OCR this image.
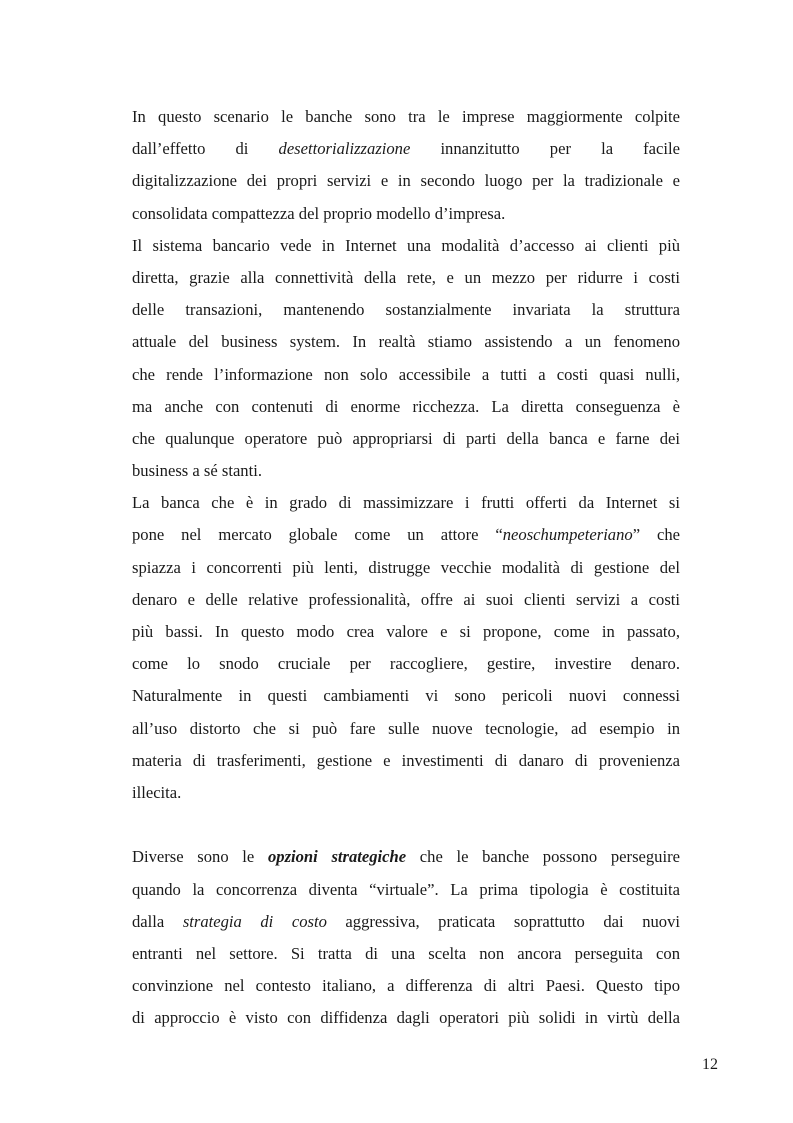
In questo scenario le banche sono tra le imprese maggiormente colpite
dall’effetto di desettorializzazione innanzitutto per la facile
digitalizzazione dei propri servizi e in secondo luogo per la tradizionale e
consolidata compattezza del proprio modello d’impresa.
Il sistema bancario vede in Internet una modalità d’accesso ai clienti più
diretta, grazie alla connettività della rete, e un mezzo per ridurre i costi
delle transazioni, mantenendo sostanzialmente invariata la struttura
attuale del business system. In realtà stiamo assistendo a un fenomeno
che rende l’informazione non solo accessibile a tutti a costi quasi nulli,
ma anche con contenuti di enorme ricchezza. La diretta conseguenza è
che qualunque operatore può appropriarsi di parti della banca e farne dei
business a sé stanti.
La banca che è in grado di massimizzare i frutti offerti da Internet si
pone nel mercato globale come un attore “neoschumpeteriano” che
spiazza i concorrenti più lenti, distrugge vecchie modalità di gestione del
denaro e delle relative professionalità, offre ai suoi clienti servizi a costi
più bassi. In questo modo crea valore e si propone, come in passato,
come lo snodo cruciale per raccogliere, gestire, investire denaro.
Naturalmente in questi cambiamenti vi sono pericoli nuovi connessi
all’uso distorto che si può fare sulle nuove tecnologie, ad esempio in
materia di trasferimenti, gestione e investimenti di danaro di provenienza
illecita.
Diverse sono le opzioni strategiche che le banche possono perseguire
quando la concorrenza diventa “virtuale”. La prima tipologia è costituita
dalla strategia di costo aggressiva, praticata soprattutto dai nuovi
entranti nel settore. Si tratta di una scelta non ancora perseguita con
convinzione nel contesto italiano, a differenza di altri Paesi. Questo tipo
di approccio è visto con diffidenza dagli operatori più solidi in virtù della
12
